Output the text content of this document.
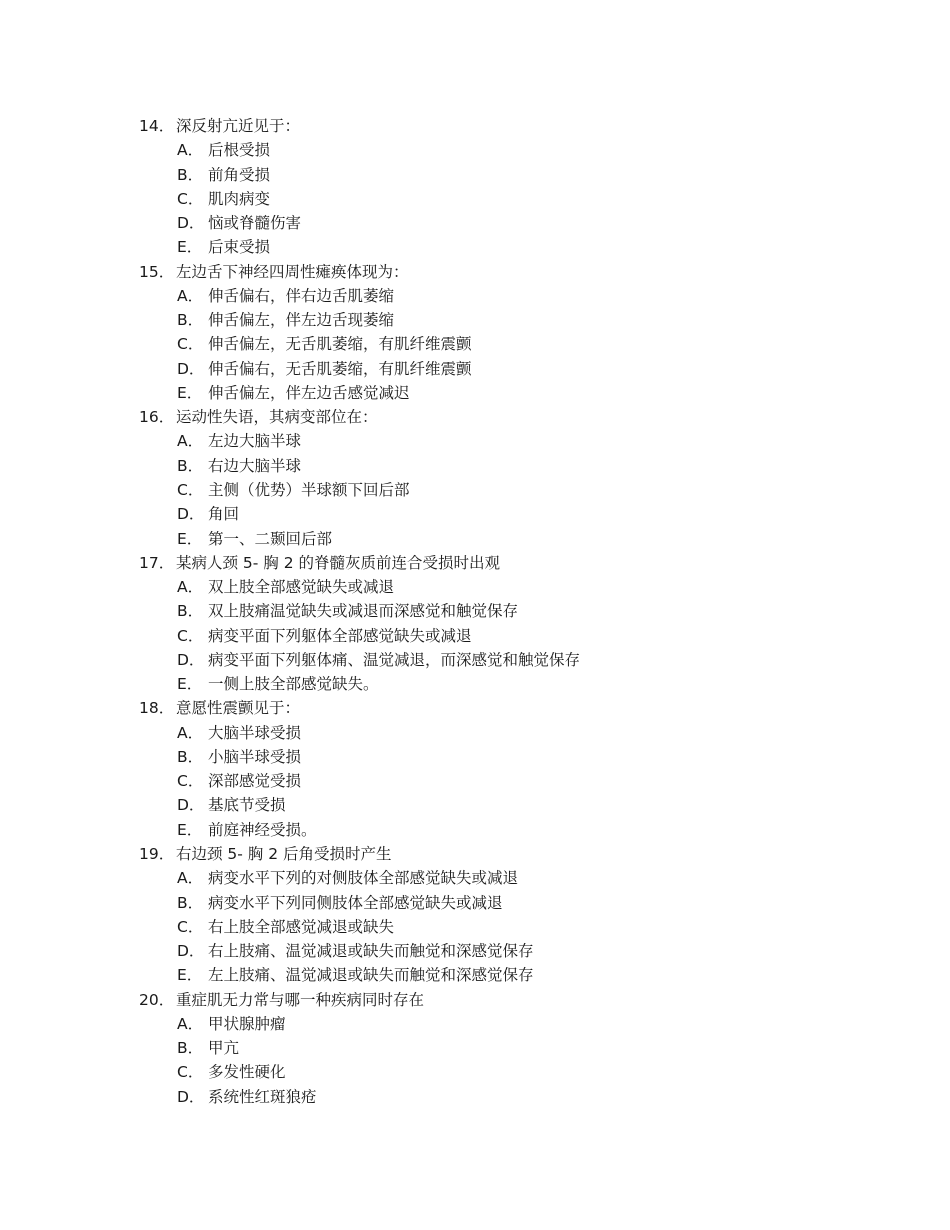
14． 深反射亢近见于：
A． 后根受损
B． 前角受损
C． 肌肉病变
D． 恼或脊髓伤害
E． 后束受损
15． 左边舌下神经四周性瘫痪体现为：
A． 伸舌偏右，伴右边舌肌萎缩
B． 伸舌偏左，伴左边舌现萎缩
C． 伸舌偏左，无舌肌萎缩，有肌纤维震颤
D． 伸舌偏右，无舌肌萎缩，有肌纤维震颤
E． 伸舌偏左，伴左边舌感觉减迟
16． 运动性失语，其病变部位在：
A． 左边大脑半球
B． 右边大脑半球
C． 主侧（优势）半球额下回后部
D． 角回
E． 第一、二颞回后部
17． 某病人颈 5- 胸 2 的脊髓灰质前连合受损时出观
A． 双上肢全部感觉缺失或减退
B． 双上肢痛温觉缺失或减退而深感觉和触觉保存
C． 病变平面下列躯体全部感觉缺失或减退
D． 病变平面下列躯体痛、温觉减退，而深感觉和触觉保存
E． 一侧上肢全部感觉缺失。
18． 意愿性震颤见于：
A． 大脑半球受损
B． 小脑半球受损
C． 深部感觉受损
D． 基底节受损
E． 前庭神经受损。
19． 右边颈 5- 胸 2 后角受损时产生
A． 病变水平下列的对侧肢体全部感觉缺失或减退
B． 病变水平下列同侧肢体全部感觉缺失或减退
C． 右上肢全部感觉减退或缺失
D． 右上肢痛、温觉减退或缺失而触觉和深感觉保存
E． 左上肢痛、温觉减退或缺失而触觉和深感觉保存
20． 重症肌无力常与哪一种疾病同时存在
A． 甲状腺肿瘤
B． 甲亢
C． 多发性硬化
D． 系统性红斑狼疮
